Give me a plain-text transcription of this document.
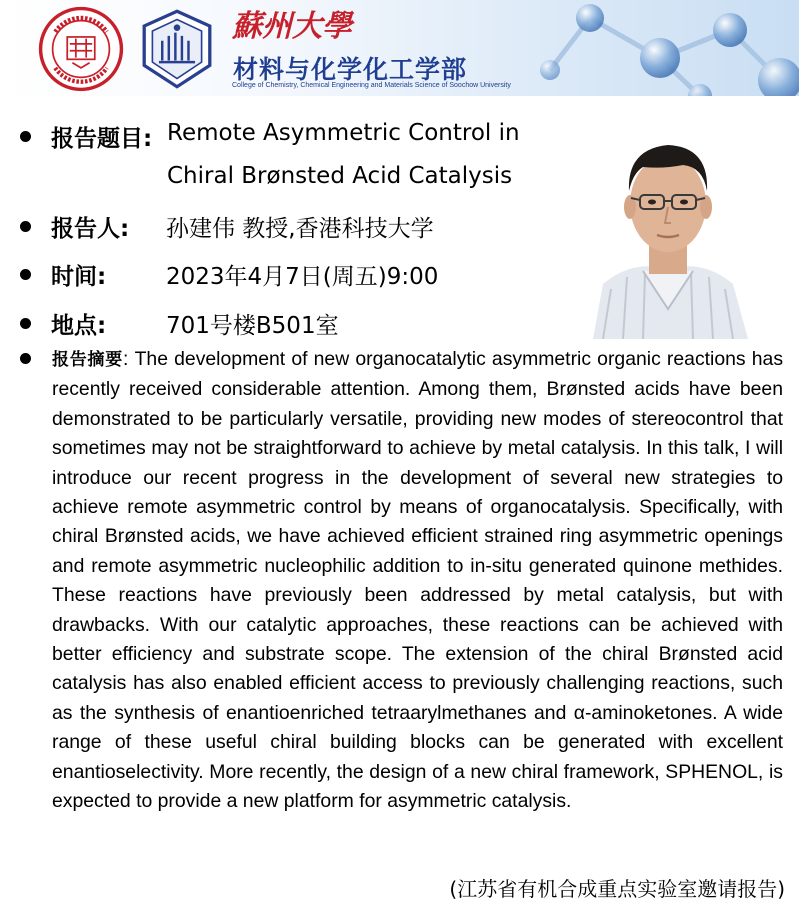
蘇州大學
材料与化学化工学部
College of Chemistry, Chemical Engineering and Materials Science of Soochow University
报告题目: Remote Asymmetric Control in
Chiral Brønsted Acid Catalysis
报告人:	孙建伟 教授,香港科技大学
时间:	2023年4月7日(周五)9:00
地点:	701号楼B501室
报告摘要: The development of new organocatalytic asymmetric organic reactions has recently received considerable attention. Among them, Brønsted acids have been demonstrated to be particularly versatile, providing new modes of stereocontrol that sometimes may not be straightforward to achieve by metal catalysis. In this talk, I will introduce our recent progress in the development of several new strategies to achieve remote asymmetric control by means of organocatalysis. Specifically, with chiral Brønsted acids, we have achieved efficient strained ring asymmetric openings and remote asymmetric nucleophilic addition to in-situ generated quinone methides. These reactions have previously been addressed by metal catalysis, but with drawbacks. With our catalytic approaches, these reactions can be achieved with better efficiency and substrate scope. The extension of the chiral Brønsted acid catalysis has also enabled efficient access to previously challenging reactions, such as the synthesis of enantioenriched tetraarylmethanes and α-aminoketones. A wide range of these useful chiral building blocks can be generated with excellent enantioselectivity. More recently, the design of a new chiral framework, SPHENOL, is expected to provide a new platform for asymmetric catalysis.
(江苏省有机合成重点实验室邀请报告)
